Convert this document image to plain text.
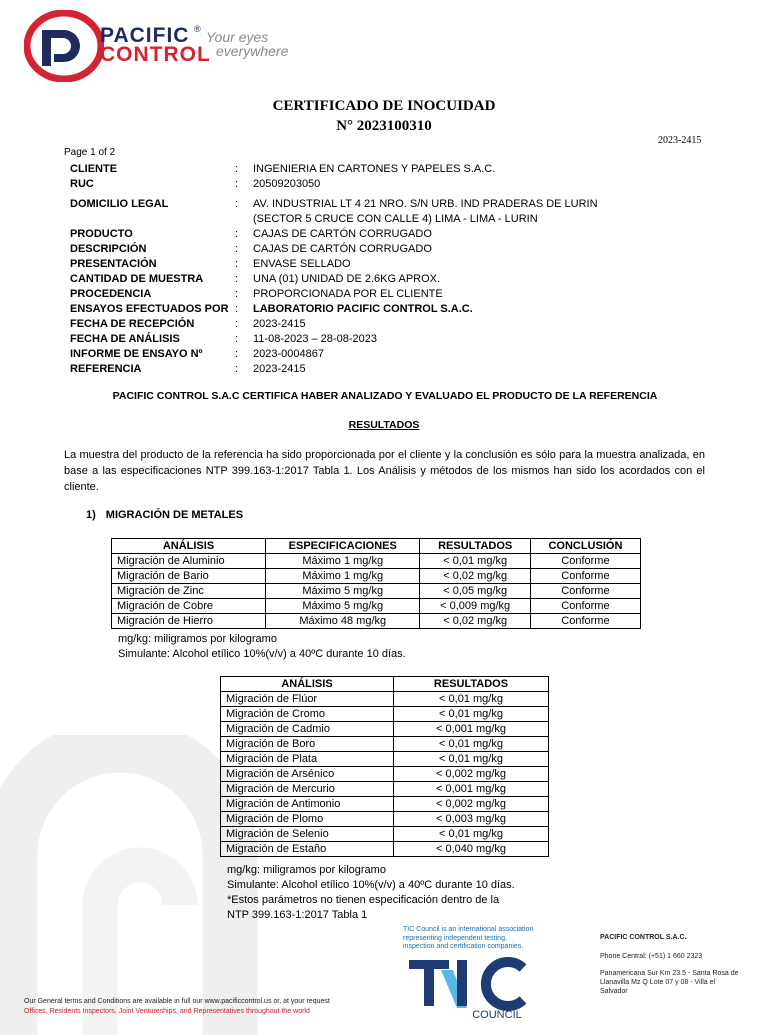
PACIFIC
CONTROL
® Your eyes
everywhere
CERTIFICADO DE INOCUIDAD
N° 2023100310
2023-2415
Page 1 of 2
CLIENTE	:	INGENIERIA EN CARTONES Y PAPELES S.A.C.
RUC	:	20509203050
DOMICILIO LEGAL	:	AV. INDUSTRIAL LT 4 21 NRO. S/N URB. IND PRADERAS DE LURIN
(SECTOR 5 CRUCE CON CALLE 4) LIMA - LIMA - LURIN
PRODUCTO	:	CAJAS DE CARTÓN CORRUGADO
DESCRIPCIÓN	:	CAJAS DE CARTÓN CORRUGADO
PRESENTACIÓN	:	ENVASE SELLADO
CANTIDAD DE MUESTRA	:	UNA (01) UNIDAD DE 2.6KG APROX.
PROCEDENCIA	:	PROPORCIONADA POR EL CLIENTE
ENSAYOS EFECTUADOS POR :	LABORATORIO PACIFIC CONTROL S.A.C.
FECHA DE RECEPCIÓN	:	2023-2415
FECHA DE ANÁLISIS	:	11-08-2023 – 28-08-2023
INFORME DE ENSAYO Nº	:	2023-0004867
REFERENCIA	:	2023-2415
PACIFIC CONTROL S.A.C CERTIFICA HABER ANALIZADO Y EVALUADO EL PRODUCTO DE LA REFERENCIA
RESULTADOS
La muestra del producto de la referencia ha sido proporcionada por el cliente y la conclusión es sólo para la muestra analizada, en base a las especificaciones NTP 399.163-1:2017 Tabla 1. Los Análisis y métodos de los mismos han sido los acordados con el cliente.
1) MIGRACIÓN DE METALES
ANÁLISIS	ESPECIFICACIONES	RESULTADOS	CONCLUSIÓN
Migración de Aluminio	Máximo 1 mg/kg	< 0,01 mg/kg	Conforme
Migración de Bario	Máximo 1 mg/kg	< 0,02 mg/kg	Conforme
Migración de Zinc	Máximo 5 mg/kg	< 0,05 mg/kg	Conforme
Migración de Cobre	Máximo 5 mg/kg	< 0,009 mg/kg	Conforme
Migración de Hierro	Máximo 48 mg/kg	< 0,02 mg/kg	Conforme
mg/kg: miligramos por kilogramo
Simulante: Alcohol etílico 10%(v/v) a 40ºC durante 10 días.
ANÁLISIS	RESULTADOS
Migración de Flúor	< 0,01 mg/kg
Migración de Cromo	< 0,01 mg/kg
Migración de Cadmio	< 0,001 mg/kg
Migración de Boro	< 0,01 mg/kg
Migración de Plata	< 0,01 mg/kg
Migración de Arsénico	< 0,002 mg/kg
Migración de Mercurio	< 0,001 mg/kg
Migración de Antimonio	< 0,002 mg/kg
Migración de Plomo	< 0,003 mg/kg
Migración de Selenio	< 0,01 mg/kg
Migración de Estaño	< 0,040 mg/kg
mg/kg: miligramos por kilogramo
Simulante: Alcohol etílico 10%(v/v) a 40ºC durante 10 días.
*Estos parámetros no tienen especificación dentro de la
NTP 399.163-1:2017 Tabla 1
TIC Council is an international association
representing independent testing,
inspection and certification companies.
COUNCIL
PACIFIC CONTROL S.A.C.
Phone Central: (+51) 1 660 2323
Panamericana Sur Km 23.5 - Santa Rosa de Llanavilla Mz Q Lote 07 y 08 - Villa el Salvador
Our General terms and Conditions are available in full our www.pacificcontrol.us or, at your request
Offices, Residents Inspectors, Joint Ventureships, and Representatives throughout the world
